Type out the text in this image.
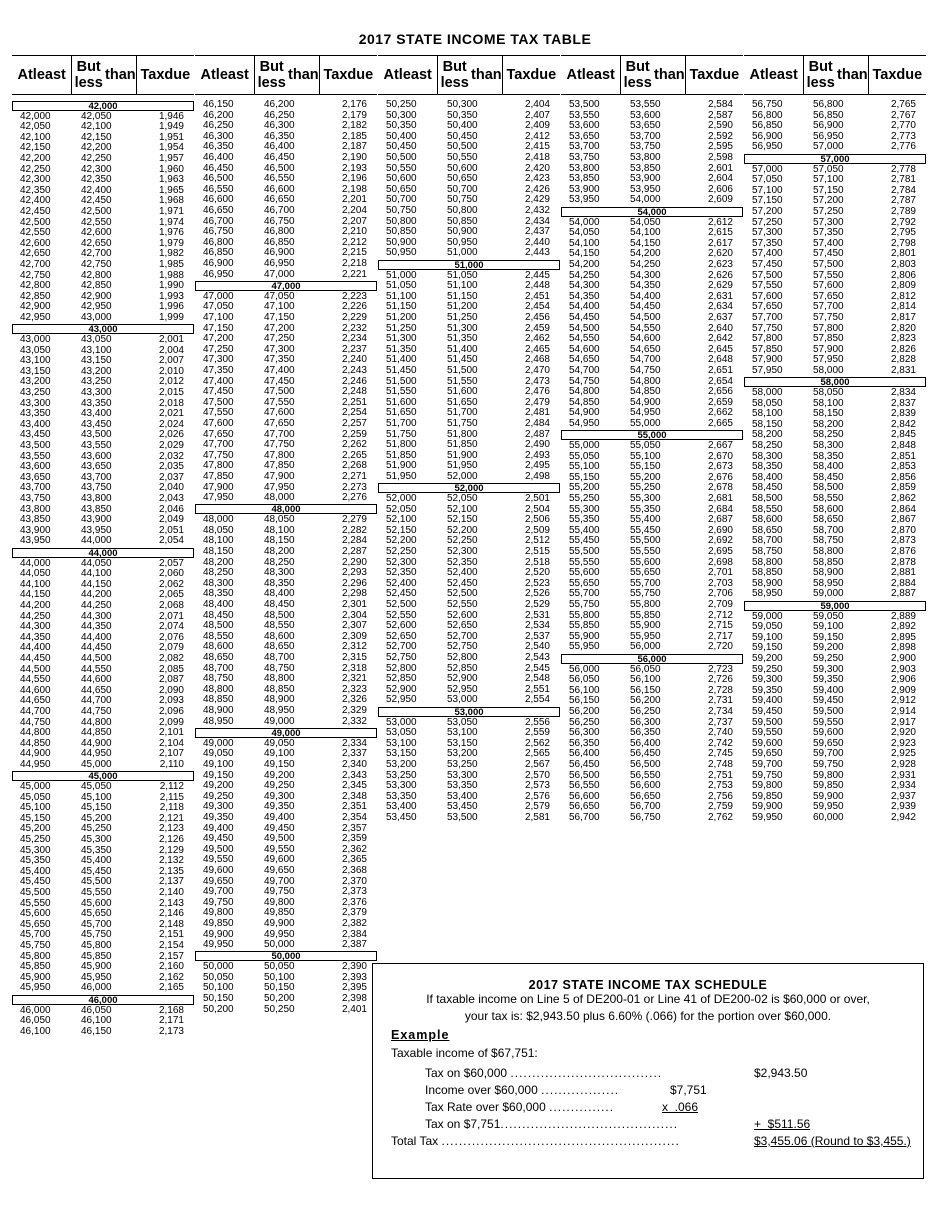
2017 STATE INCOME TAX TABLE
At least But less than Tax due
42,000
42,000	42,050	1,946
42,050	42,100	1,949
42,100	42,150	1,951
42,150	42,200	1,954
42,200	42,250	1,957
42,250	42,300	1,960
42,300	42,350	1,963
42,350	42,400	1,965
42,400	42,450	1,968
42,450	42,500	1,971
42,500	42,550	1,974
42,550	42,600	1,976
42,600	42,650	1,979
42,650	42,700	1,982
42,700	42,750	1,985
42,750	42,800	1,988
42,800	42,850	1,990
42,850	42,900	1,993
42,900	42,950	1,996
42,950	43,000	1,999
43,000
43,000	43,050	2,001
43,050	43,100	2,004
43,100	43,150	2,007
43,150	43,200	2,010
43,200	43,250	2,012
43,250	43,300	2,015
43,300	43,350	2,018
43,350	43,400	2,021
43,400	43,450	2,024
43,450	43,500	2,026
43,500	43,550	2,029
43,550	43,600	2,032
43,600	43,650	2,035
43,650	43,700	2,037
43,700	43,750	2,040
43,750	43,800	2,043
43,800	43,850	2,046
43,850	43,900	2,049
43,900	43,950	2,051
43,950	44,000	2,054
44,000
44,000	44,050	2,057
44,050	44,100	2,060
44,100	44,150	2,062
44,150	44,200	2,065
44,200	44,250	2,068
44,250	44,300	2,071
44,300	44,350	2,074
44,350	44,400	2,076
44,400	44,450	2,079
44,450	44,500	2,082
44,500	44,550	2,085
44,550	44,600	2,087
44,600	44,650	2,090
44,650	44,700	2,093
44,700	44,750	2,096
44,750	44,800	2,099
44,800	44,850	2,101
44,850	44,900	2,104
44,900	44,950	2,107
44,950	45,000	2,110
45,000
45,000	45,050	2,112
45,050	45,100	2,115
45,100	45,150	2,118
45,150	45,200	2,121
45,200	45,250	2,123
45,250	45,300	2,126
45,300	45,350	2,129
45,350	45,400	2,132
45,400	45,450	2,135
45,450	45,500	2,137
45,500	45,550	2,140
45,550	45,600	2,143
45,600	45,650	2,146
45,650	45,700	2,148
45,700	45,750	2,151
45,750	45,800	2,154
45,800	45,850	2,157
45,850	45,900	2,160
45,900	45,950	2,162
45,950	46,000	2,165
46,000
46,000	46,050	2,168
46,050	46,100	2,171
46,100	46,150	2,173
At least But less than Tax due
46,150	46,200	2,176
46,200	46,250	2,179
46,250	46,300	2,182
46,300	46,350	2,185
46,350	46,400	2,187
46,400	46,450	2,190
46,450	46,500	2,193
46,500	46,550	2,196
46,550	46,600	2,198
46,600	46,650	2,201
46,650	46,700	2,204
46,700	46,750	2,207
46,750	46,800	2,210
46,800	46,850	2,212
46,850	46,900	2,215
46,900	46,950	2,218
46,950	47,000	2,221
47,000
47,000	47,050	2,223
47,050	47,100	2,226
47,100	47,150	2,229
47,150	47,200	2,232
47,200	47,250	2,234
47,250	47,300	2,237
47,300	47,350	2,240
47,350	47,400	2,243
47,400	47,450	2,246
47,450	47,500	2,248
47,500	47,550	2,251
47,550	47,600	2,254
47,600	47,650	2,257
47,650	47,700	2,259
47,700	47,750	2,262
47,750	47,800	2,265
47,800	47,850	2,268
47,850	47,900	2,271
47,900	47,950	2,273
47,950	48,000	2,276
48,000
48,000	48,050	2,279
48,050	48,100	2,282
48,100	48,150	2,284
48,150	48,200	2,287
48,200	48,250	2,290
48,250	48,300	2,293
48,300	48,350	2,296
48,350	48,400	2,298
48,400	48,450	2,301
48,450	48,500	2,304
48,500	48,550	2,307
48,550	48,600	2,309
48,600	48,650	2,312
48,650	48,700	2,315
48,700	48,750	2,318
48,750	48,800	2,321
48,800	48,850	2,323
48,850	48,900	2,326
48,900	48,950	2,329
48,950	49,000	2,332
49,000
49,000	49,050	2,334
49,050	49,100	2,337
49,100	49,150	2,340
49,150	49,200	2,343
49,200	49,250	2,345
49,250	49,300	2,348
49,300	49,350	2,351
49,350	49,400	2,354
49,400	49,450	2,357
49,450	49,500	2,359
49,500	49,550	2,362
49,550	49,600	2,365
49,600	49,650	2,368
49,650	49,700	2,370
49,700	49,750	2,373
49,750	49,800	2,376
49,800	49,850	2,379
49,850	49,900	2,382
49,900	49,950	2,384
49,950	50,000	2,387
50,000
50,000	50,050	2,390
50,050	50,100	2,393
50,100	50,150	2,395
50,150	50,200	2,398
50,200	50,250	2,401
At least But less than Tax due
50,250	50,300	2,404
50,300	50,350	2,407
50,350	50,400	2,409
50,400	50,450	2,412
50,450	50,500	2,415
50,500	50,550	2,418
50,550	50,600	2,420
50,600	50,650	2,423
50,650	50,700	2,426
50,700	50,750	2,429
50,750	50,800	2,432
50,800	50,850	2,434
50,850	50,900	2,437
50,900	50,950	2,440
50,950	51,000	2,443
51,000
51,000	51,050	2,445
51,050	51,100	2,448
51,100	51,150	2,451
51,150	51,200	2,454
51,200	51,250	2,456
51,250	51,300	2,459
51,300	51,350	2,462
51,350	51,400	2,465
51,400	51,450	2,468
51,450	51,500	2,470
51,500	51,550	2,473
51,550	51,600	2,476
51,600	51,650	2,479
51,650	51,700	2,481
51,700	51,750	2,484
51,750	51,800	2,487
51,800	51,850	2,490
51,850	51,900	2,493
51,900	51,950	2,495
51,950	52,000	2,498
52,000
52,000	52,050	2,501
52,050	52,100	2,504
52,100	52,150	2,506
52,150	52,200	2,509
52,200	52,250	2,512
52,250	52,300	2,515
52,300	52,350	2,518
52,350	52,400	2,520
52,400	52,450	2,523
52,450	52,500	2,526
52,500	52,550	2,529
52,550	52,600	2,531
52,600	52,650	2,534
52,650	52,700	2,537
52,700	52,750	2,540
52,750	52,800	2,543
52,800	52,850	2,545
52,850	52,900	2,548
52,900	52,950	2,551
52,950	53,000	2,554
53,000
53,000	53,050	2,556
53,050	53,100	2,559
53,100	53,150	2,562
53,150	53,200	2,565
53,200	53,250	2,567
53,250	53,300	2,570
53,300	53,350	2,573
53,350	53,400	2,576
53,400	53,450	2,579
53,450	53,500	2,581
At least But less than Tax due
53,500	53,550	2,584
53,550	53,600	2,587
53,600	53,650	2,590
53,650	53,700	2,592
53,700	53,750	2,595
53,750	53,800	2,598
53,800	53,850	2,601
53,850	53,900	2,604
53,900	53,950	2,606
53,950	54,000	2,609
54,000
54,000	54,050	2,612
54,050	54,100	2,615
54,100	54,150	2,617
54,150	54,200	2,620
54,200	54,250	2,623
54,250	54,300	2,626
54,300	54,350	2,629
54,350	54,400	2,631
54,400	54,450	2,634
54,450	54,500	2,637
54,500	54,550	2,640
54,550	54,600	2,642
54,600	54,650	2,645
54,650	54,700	2,648
54,700	54,750	2,651
54,750	54,800	2,654
54,800	54,850	2,656
54,850	54,900	2,659
54,900	54,950	2,662
54,950	55,000	2,665
55,000
55,000	55,050	2,667
55,050	55,100	2,670
55,100	55,150	2,673
55,150	55,200	2,676
55,200	55,250	2,678
55,250	55,300	2,681
55,300	55,350	2,684
55,350	55,400	2,687
55,400	55,450	2,690
55,450	55,500	2,692
55,500	55,550	2,695
55,550	55,600	2,698
55,600	55,650	2,701
55,650	55,700	2,703
55,700	55,750	2,706
55,750	55,800	2,709
55,800	55,850	2,712
55,850	55,900	2,715
55,900	55,950	2,717
55,950	56,000	2,720
56,000
56,000	56,050	2,723
56,050	56,100	2,726
56,100	56,150	2,728
56,150	56,200	2,731
56,200	56,250	2,734
56,250	56,300	2,737
56,300	56,350	2,740
56,350	56,400	2,742
56,400	56,450	2,745
56,450	56,500	2,748
56,500	56,550	2,751
56,550	56,600	2,753
56,600	56,650	2,756
56,650	56,700	2,759
56,700	56,750	2,762
At least But less than Tax due
56,750	56,800	2,765
56,800	56,850	2,767
56,850	56,900	2,770
56,900	56,950	2,773
56,950	57,000	2,776
57,000
57,000	57,050	2,778
57,050	57,100	2,781
57,100	57,150	2,784
57,150	57,200	2,787
57,200	57,250	2,789
57,250	57,300	2,792
57,300	57,350	2,795
57,350	57,400	2,798
57,400	57,450	2,801
57,450	57,500	2,803
57,500	57,550	2,806
57,550	57,600	2,809
57,600	57,650	2,812
57,650	57,700	2,814
57,700	57,750	2,817
57,750	57,800	2,820
57,800	57,850	2,823
57,850	57,900	2,826
57,900	57,950	2,828
57,950	58,000	2,831
58,000
58,000	58,050	2,834
58,050	58,100	2,837
58,100	58,150	2,839
58,150	58,200	2,842
58,200	58,250	2,845
58,250	58,300	2,848
58,300	58,350	2,851
58,350	58,400	2,853
58,400	58,450	2,856
58,450	58,500	2,859
58,500	58,550	2,862
58,550	58,600	2,864
58,600	58,650	2,867
58,650	58,700	2,870
58,700	58,750	2,873
58,750	58,800	2,876
58,800	58,850	2,878
58,850	58,900	2,881
58,900	58,950	2,884
58,950	59,000	2,887
59,000
59,000	59,050	2,889
59,050	59,100	2,892
59,100	59,150	2,895
59,150	59,200	2,898
59,200	59,250	2,900
59,250	59,300	2,903
59,300	59,350	2,906
59,350	59,400	2,909
59,400	59,450	2,912
59,450	59,500	2,914
59,500	59,550	2,917
59,550	59,600	2,920
59,600	59,650	2,923
59,650	59,700	2,925
59,700	59,750	2,928
59,750	59,800	2,931
59,800	59,850	2,934
59,850	59,900	2,937
59,900	59,950	2,939
59,950	60,000	2,942
2017 STATE INCOME TAX SCHEDULE
If taxable income on Line 5 of DE200-01 or Line 41 of DE200-02 is $60,000 or over,
your tax is: $2,943.50 plus 6.60% (.066) for the portion over $60,000.
Example
Taxable income of $67,751:
Tax on $60,000 ...................................	$2,943.50
Income over $60,000 ..................	$7,751
Tax Rate over $60,000 ...............	x  .066
Tax on $7,751.........................................	+  $511.56
Total Tax .......................................................	$3,455.06 (Round to $3,455.)
